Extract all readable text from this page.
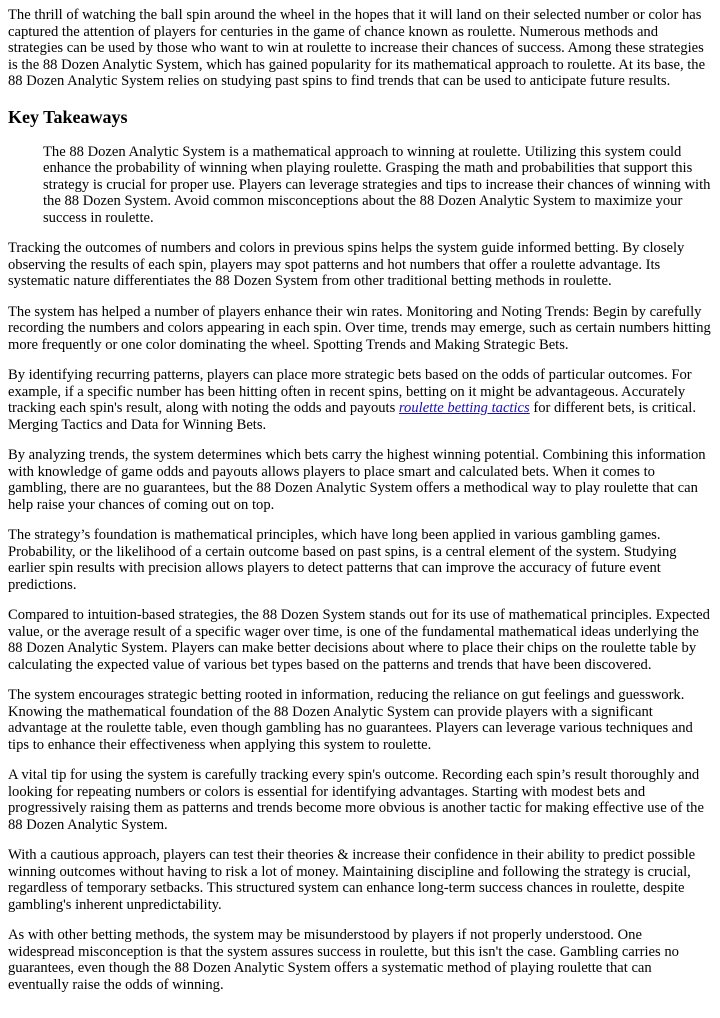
The thrill of watching the ball spin around the wheel in the hopes that it will land on their selected number or color has captured the attention of players for centuries in the game of chance known as roulette. Numerous methods and strategies can be used by those who want to win at roulette to increase their chances of success. Among these strategies is the 88 Dozen Analytic System, which has gained popularity for its mathematical approach to roulette. At its base, the 88 Dozen Analytic System relies on studying past spins to find trends that can be used to anticipate future results.

Key Takeaways
The 88 Dozen Analytic System is a mathematical approach to winning at roulette. Utilizing this system could enhance the probability of winning when playing roulette. Grasping the math and probabilities that support this strategy is crucial for proper use. Players can leverage strategies and tips to increase their chances of winning with the 88 Dozen System. Avoid common misconceptions about the 88 Dozen Analytic System to maximize your success in roulette.

Tracking the outcomes of numbers and colors in previous spins helps the system guide informed betting. By closely observing the results of each spin, players may spot patterns and hot numbers that offer a roulette advantage. Its systematic nature differentiates the 88 Dozen System from other traditional betting methods in roulette.

The system has helped a number of players enhance their win rates. Monitoring and Noting Trends: Begin by carefully recording the numbers and colors appearing in each spin. Over time, trends may emerge, such as certain numbers hitting more frequently or one color dominating the wheel. Spotting Trends and Making Strategic Bets.

By identifying recurring patterns, players can place more strategic bets based on the odds of particular outcomes. For example, if a specific number has been hitting often in recent spins, betting on it might be advantageous. Accurately tracking each spin's result, along with noting the odds and payouts roulette betting tactics for different bets, is critical. Merging Tactics and Data for Winning Bets.

By analyzing trends, the system determines which bets carry the highest winning potential. Combining this information with knowledge of game odds and payouts allows players to place smart and calculated bets. When it comes to gambling, there are no guarantees, but the 88 Dozen Analytic System offers a methodical way to play roulette that can help raise your chances of coming out on top.

The strategy’s foundation is mathematical principles, which have long been applied in various gambling games. Probability, or the likelihood of a certain outcome based on past spins, is a central element of the system. Studying earlier spin results with precision allows players to detect patterns that can improve the accuracy of future event predictions.

Compared to intuition-based strategies, the 88 Dozen System stands out for its use of mathematical principles. Expected value, or the average result of a specific wager over time, is one of the fundamental mathematical ideas underlying the 88 Dozen Analytic System. Players can make better decisions about where to place their chips on the roulette table by calculating the expected value of various bet types based on the patterns and trends that have been discovered.

The system encourages strategic betting rooted in information, reducing the reliance on gut feelings and guesswork. Knowing the mathematical foundation of the 88 Dozen Analytic System can provide players with a significant advantage at the roulette table, even though gambling has no guarantees. Players can leverage various techniques and tips to enhance their effectiveness when applying this system to roulette.

A vital tip for using the system is carefully tracking every spin's outcome. Recording each spin’s result thoroughly and looking for repeating numbers or colors is essential for identifying advantages. Starting with modest bets and progressively raising them as patterns and trends become more obvious is another tactic for making effective use of the 88 Dozen Analytic System.

With a cautious approach, players can test their theories & increase their confidence in their ability to predict possible winning outcomes without having to risk a lot of money. Maintaining discipline and following the strategy is crucial, regardless of temporary setbacks. This structured system can enhance long-term success chances in roulette, despite gambling's inherent unpredictability.

As with other betting methods, the system may be misunderstood by players if not properly understood. One widespread misconception is that the system assures success in roulette, but this isn't the case. Gambling carries no guarantees, even though the 88 Dozen Analytic System offers a systematic method of playing roulette that can eventually raise the odds of winning.
